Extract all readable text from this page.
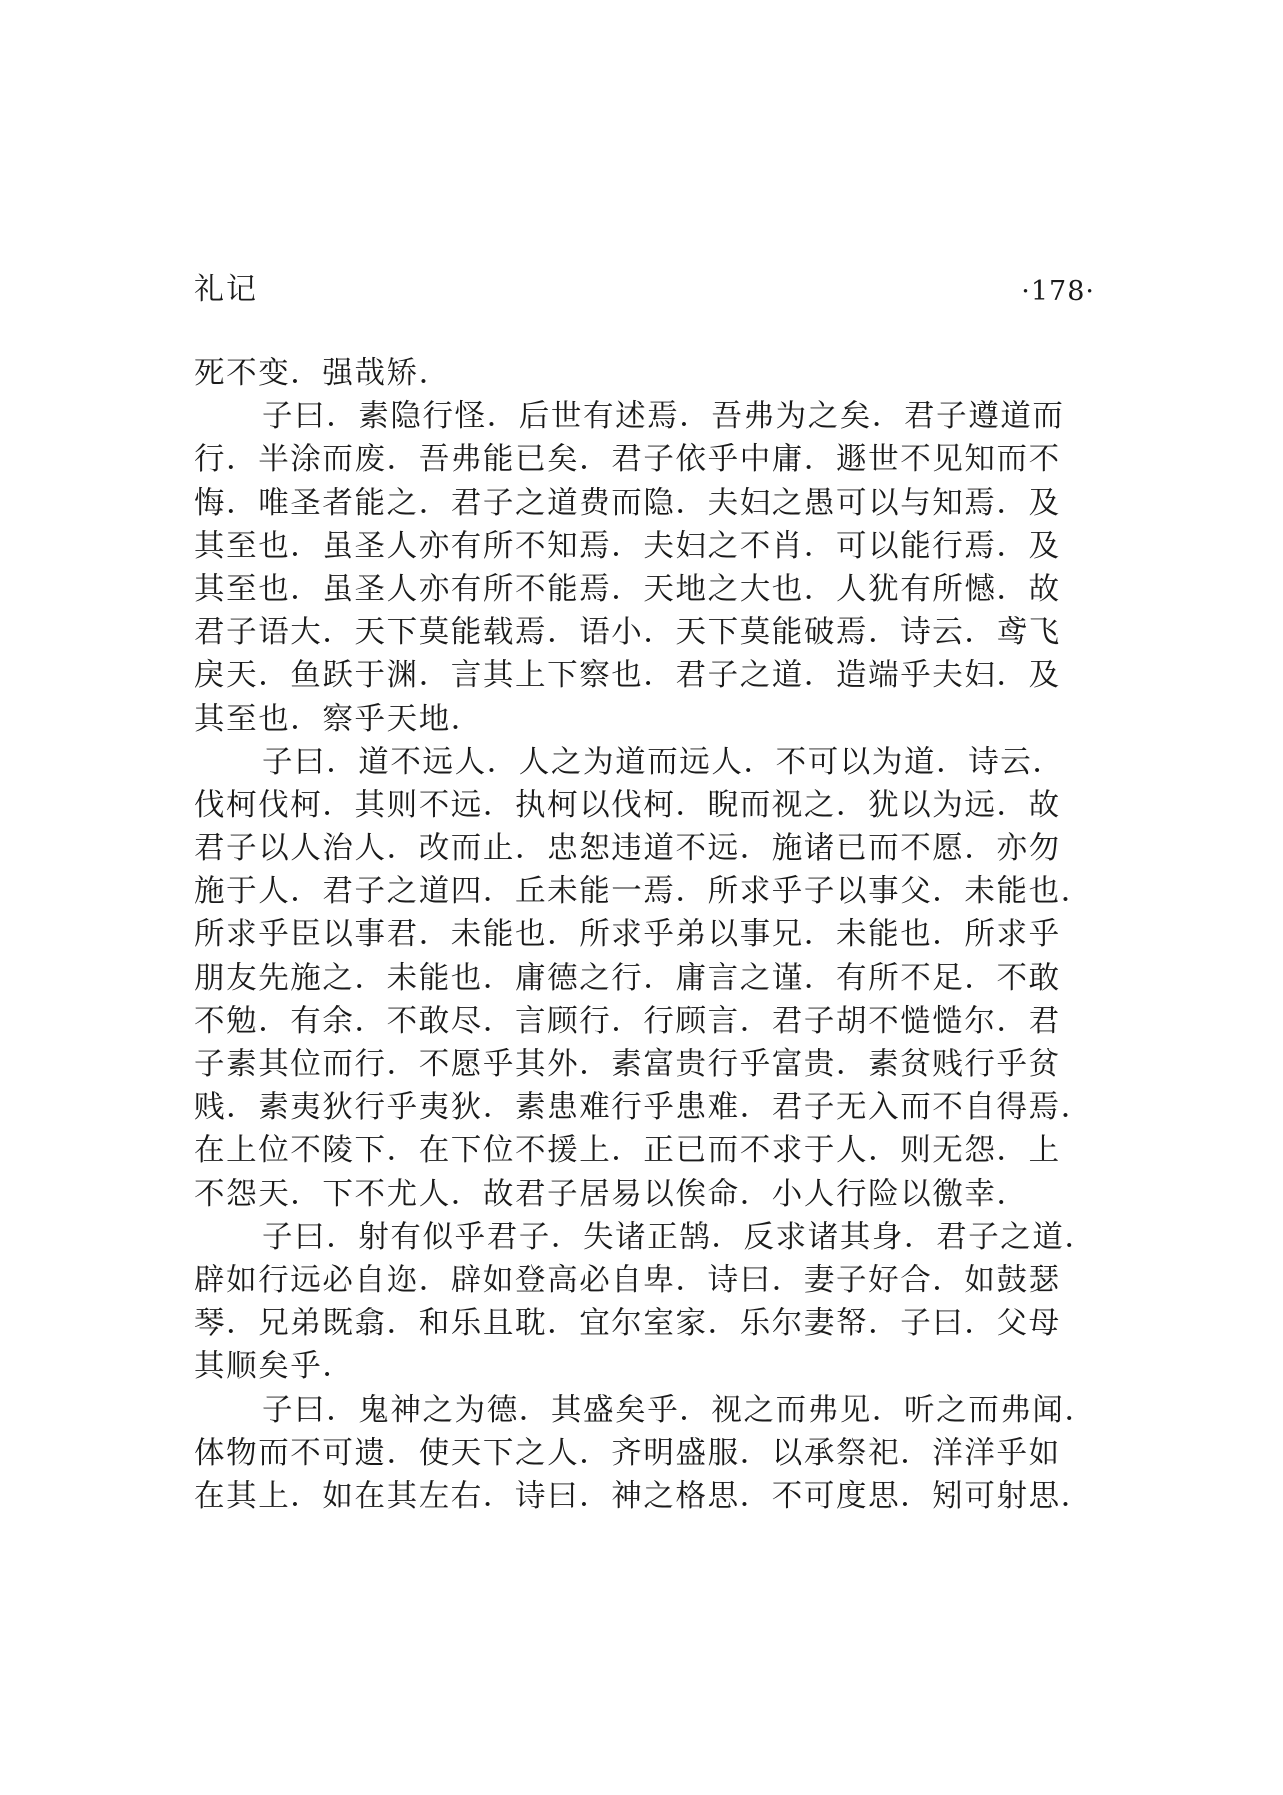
礼记	·178·
死不变．强哉矫．
子曰．素隐行怪．后世有述焉．吾弗为之矣．君子遵道而
行．半涂而废．吾弗能已矣．君子依乎中庸．遯世不见知而不
悔．唯圣者能之．君子之道费而隐．夫妇之愚可以与知焉．及
其至也．虽圣人亦有所不知焉．夫妇之不肖．可以能行焉．及
其至也．虽圣人亦有所不能焉．天地之大也．人犹有所憾．故
君子语大．天下莫能载焉．语小．天下莫能破焉．诗云．鸢飞
戾天．鱼跃于渊．言其上下察也．君子之道．造端乎夫妇．及
其至也．察乎天地．
子曰．道不远人．人之为道而远人．不可以为道．诗云．
伐柯伐柯．其则不远．执柯以伐柯．睨而视之．犹以为远．故
君子以人治人．改而止．忠恕违道不远．施诸已而不愿．亦勿
施于人．君子之道四．丘未能一焉．所求乎子以事父．未能也．
所求乎臣以事君．未能也．所求乎弟以事兄．未能也．所求乎
朋友先施之．未能也．庸德之行．庸言之谨．有所不足．不敢
不勉．有余．不敢尽．言顾行．行顾言．君子胡不慥慥尔．君
子素其位而行．不愿乎其外．素富贵行乎富贵．素贫贱行乎贫
贱．素夷狄行乎夷狄．素患难行乎患难．君子无入而不自得焉．
在上位不陵下．在下位不援上．正已而不求于人．则无怨．上
不怨天．下不尤人．故君子居易以俟命．小人行险以徼幸．
子曰．射有似乎君子．失诸正鹄．反求诸其身．君子之道．
辟如行远必自迩．辟如登高必自卑．诗曰．妻子好合．如鼓瑟
琴．兄弟既翕．和乐且耽．宜尔室家．乐尔妻帑．子曰．父母
其顺矣乎．
子曰．鬼神之为德．其盛矣乎．视之而弗见．听之而弗闻．
体物而不可遗．使天下之人．齐明盛服．以承祭祀．洋洋乎如
在其上．如在其左右．诗曰．神之格思．不可度思．矧可射思．
